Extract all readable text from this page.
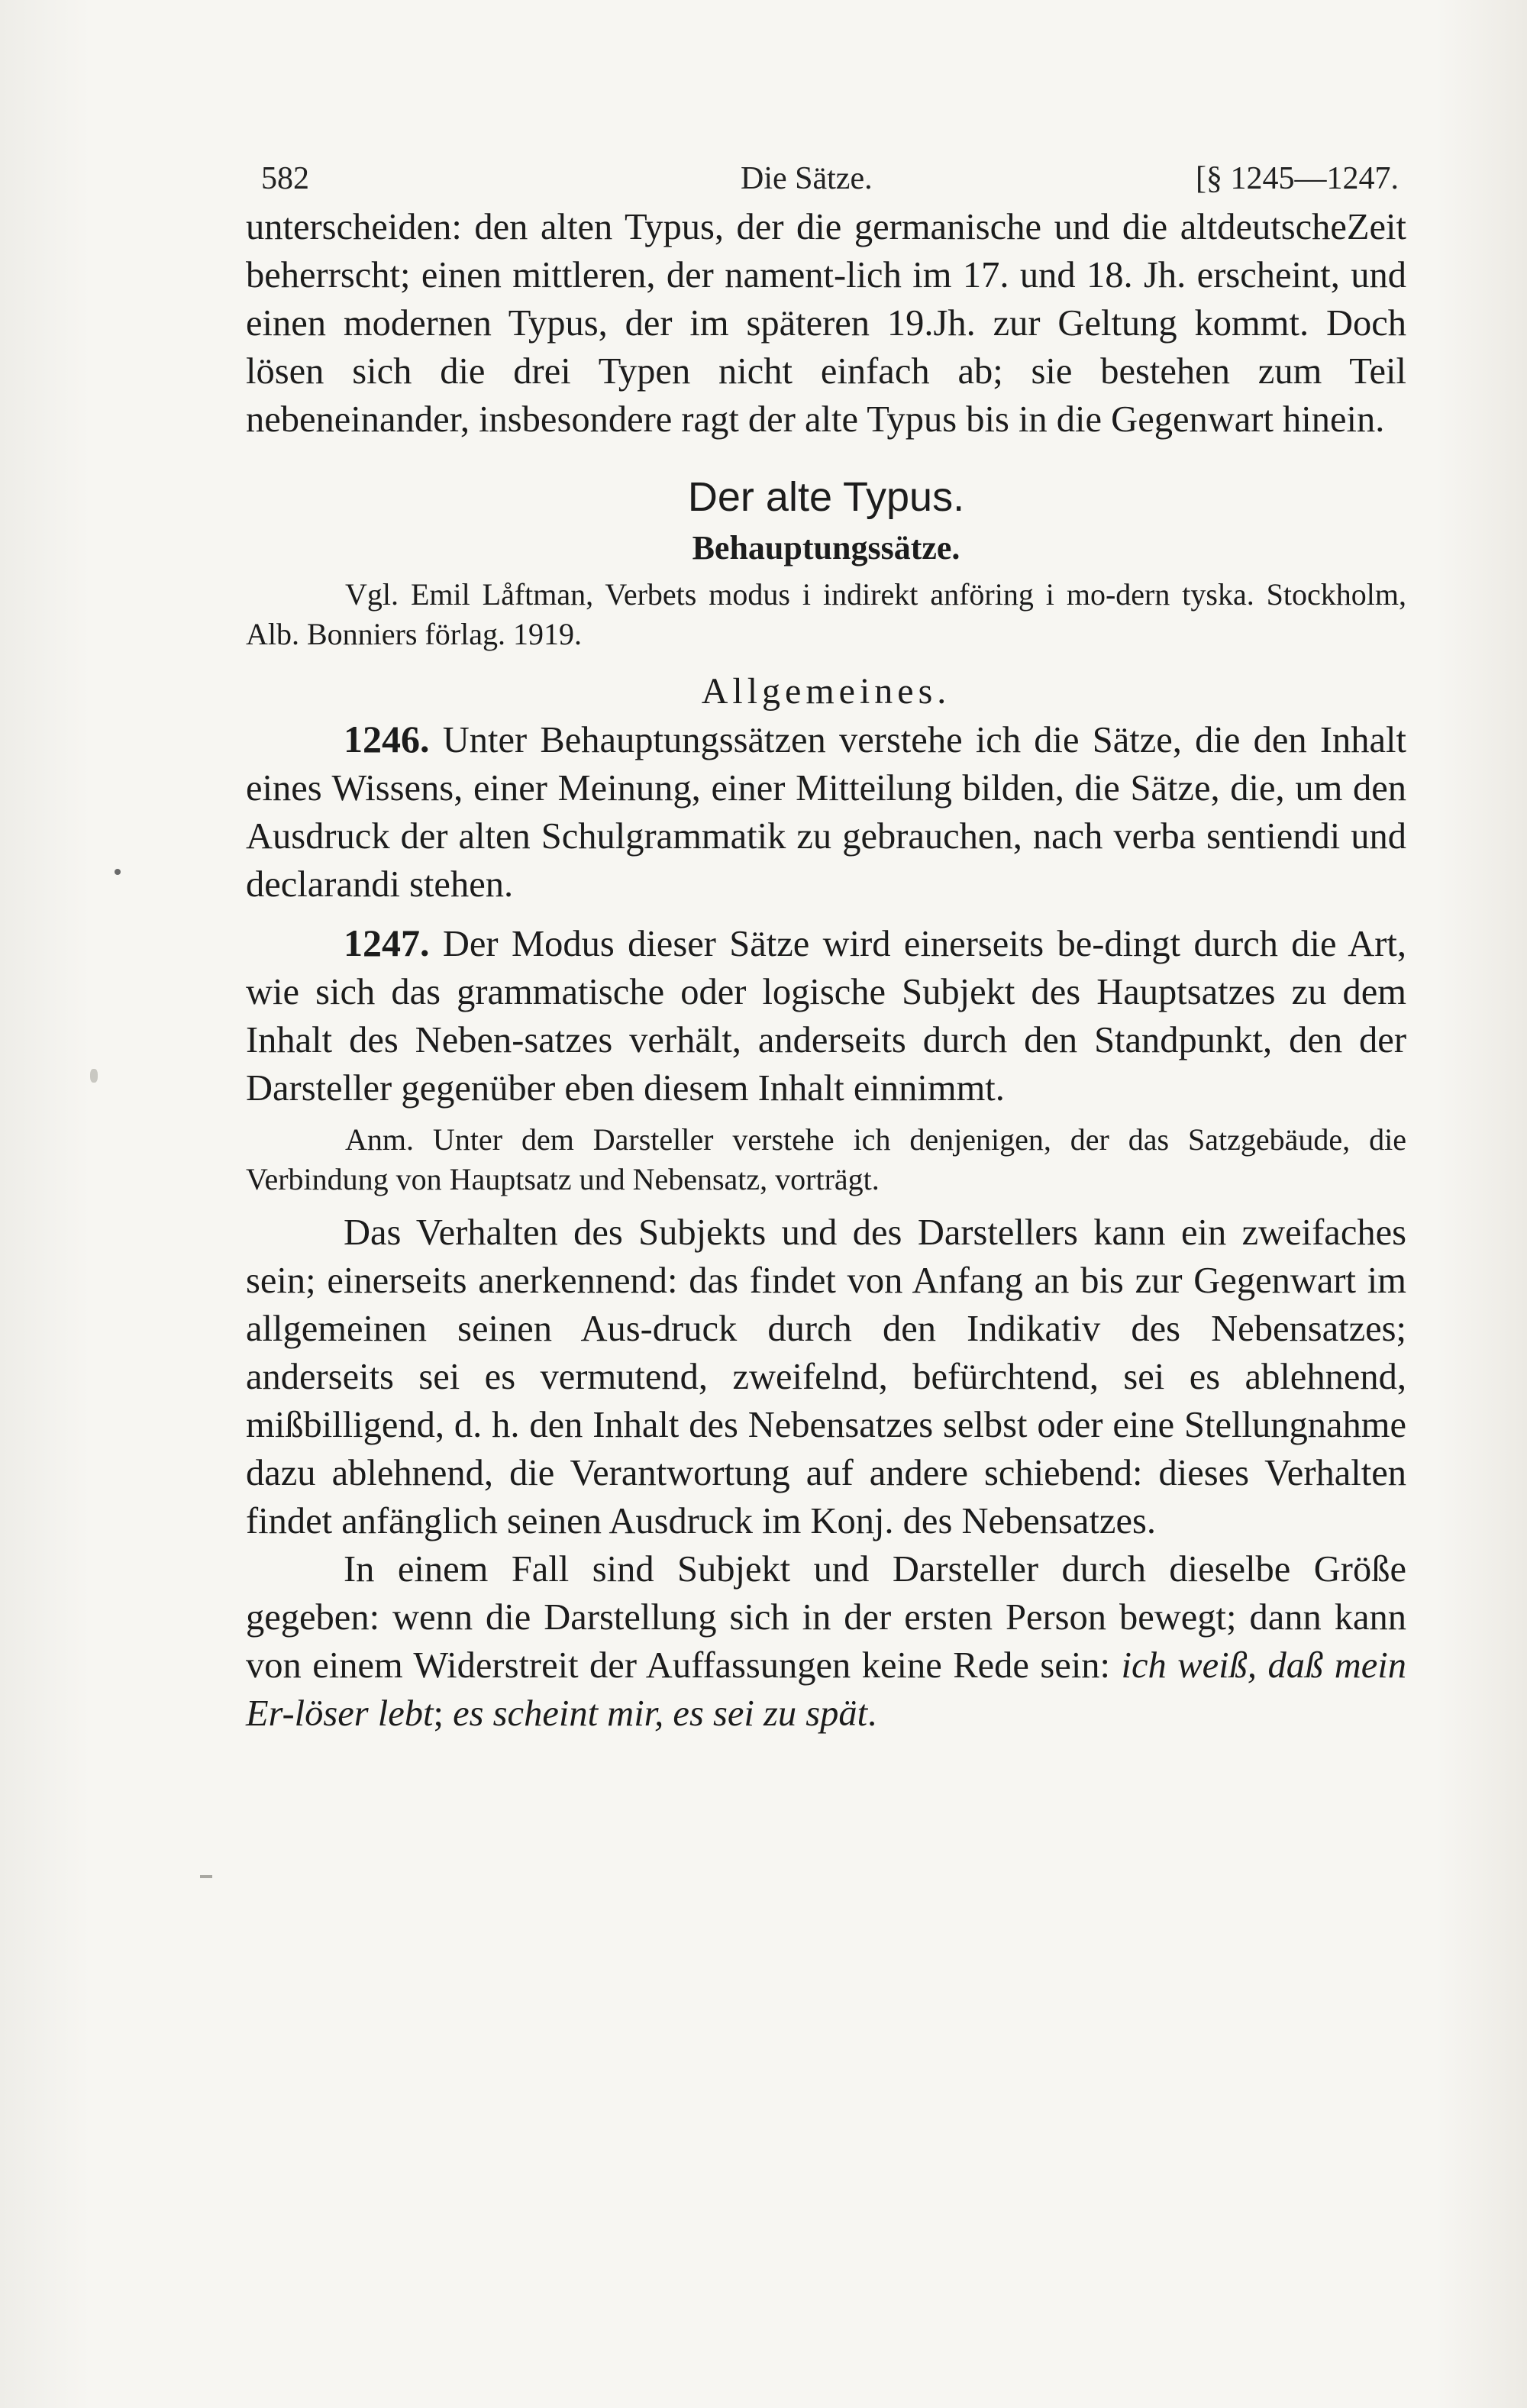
582	Die Sätze.	[§ 1245—1247.

unterscheiden: den alten Typus, der die germanische und die altdeutscheZeit beherrscht; einen mittleren, der nament-lich im 17. und 18. Jh. erscheint, und einen modernen Typus, der im späteren 19.Jh. zur Geltung kommt. Doch lösen sich die drei Typen nicht einfach ab; sie bestehen zum Teil nebeneinander, insbesondere ragt der alte Typus bis in die Gegenwart hinein.

Der alte Typus.
Behauptungssätze.

Vgl. Emil Låftman, Verbets modus i indirekt anföring i mo-dern tyska. Stockholm, Alb. Bonniers förlag. 1919.

Allgemeines.

1246. Unter Behauptungssätzen verstehe ich die Sätze, die den Inhalt eines Wissens, einer Meinung, einer Mitteilung bilden, die Sätze, die, um den Ausdruck der alten Schulgrammatik zu gebrauchen, nach verba sentiendi und declarandi stehen.

1247. Der Modus dieser Sätze wird einerseits be-dingt durch die Art, wie sich das grammatische oder logische Subjekt des Hauptsatzes zu dem Inhalt des Neben-satzes verhält, anderseits durch den Standpunkt, den der Darsteller gegenüber eben diesem Inhalt einnimmt.

Anm. Unter dem Darsteller verstehe ich denjenigen, der das Satzgebäude, die Verbindung von Hauptsatz und Nebensatz, vorträgt.

Das Verhalten des Subjekts und des Darstellers kann ein zweifaches sein; einerseits anerkennend: das findet von Anfang an bis zur Gegenwart im allgemeinen seinen Aus-druck durch den Indikativ des Nebensatzes; anderseits sei es vermutend, zweifelnd, befürchtend, sei es ablehnend, mißbilligend, d. h. den Inhalt des Nebensatzes selbst oder eine Stellungnahme dazu ablehnend, die Verantwortung auf andere schiebend: dieses Verhalten findet anfänglich seinen Ausdruck im Konj. des Nebensatzes.

In einem Fall sind Subjekt und Darsteller durch dieselbe Größe gegeben: wenn die Darstellung sich in der ersten Person bewegt; dann kann von einem Widerstreit der Auffassungen keine Rede sein: ich weiß, daß mein Er-löser lebt; es scheint mir, es sei zu spät.
